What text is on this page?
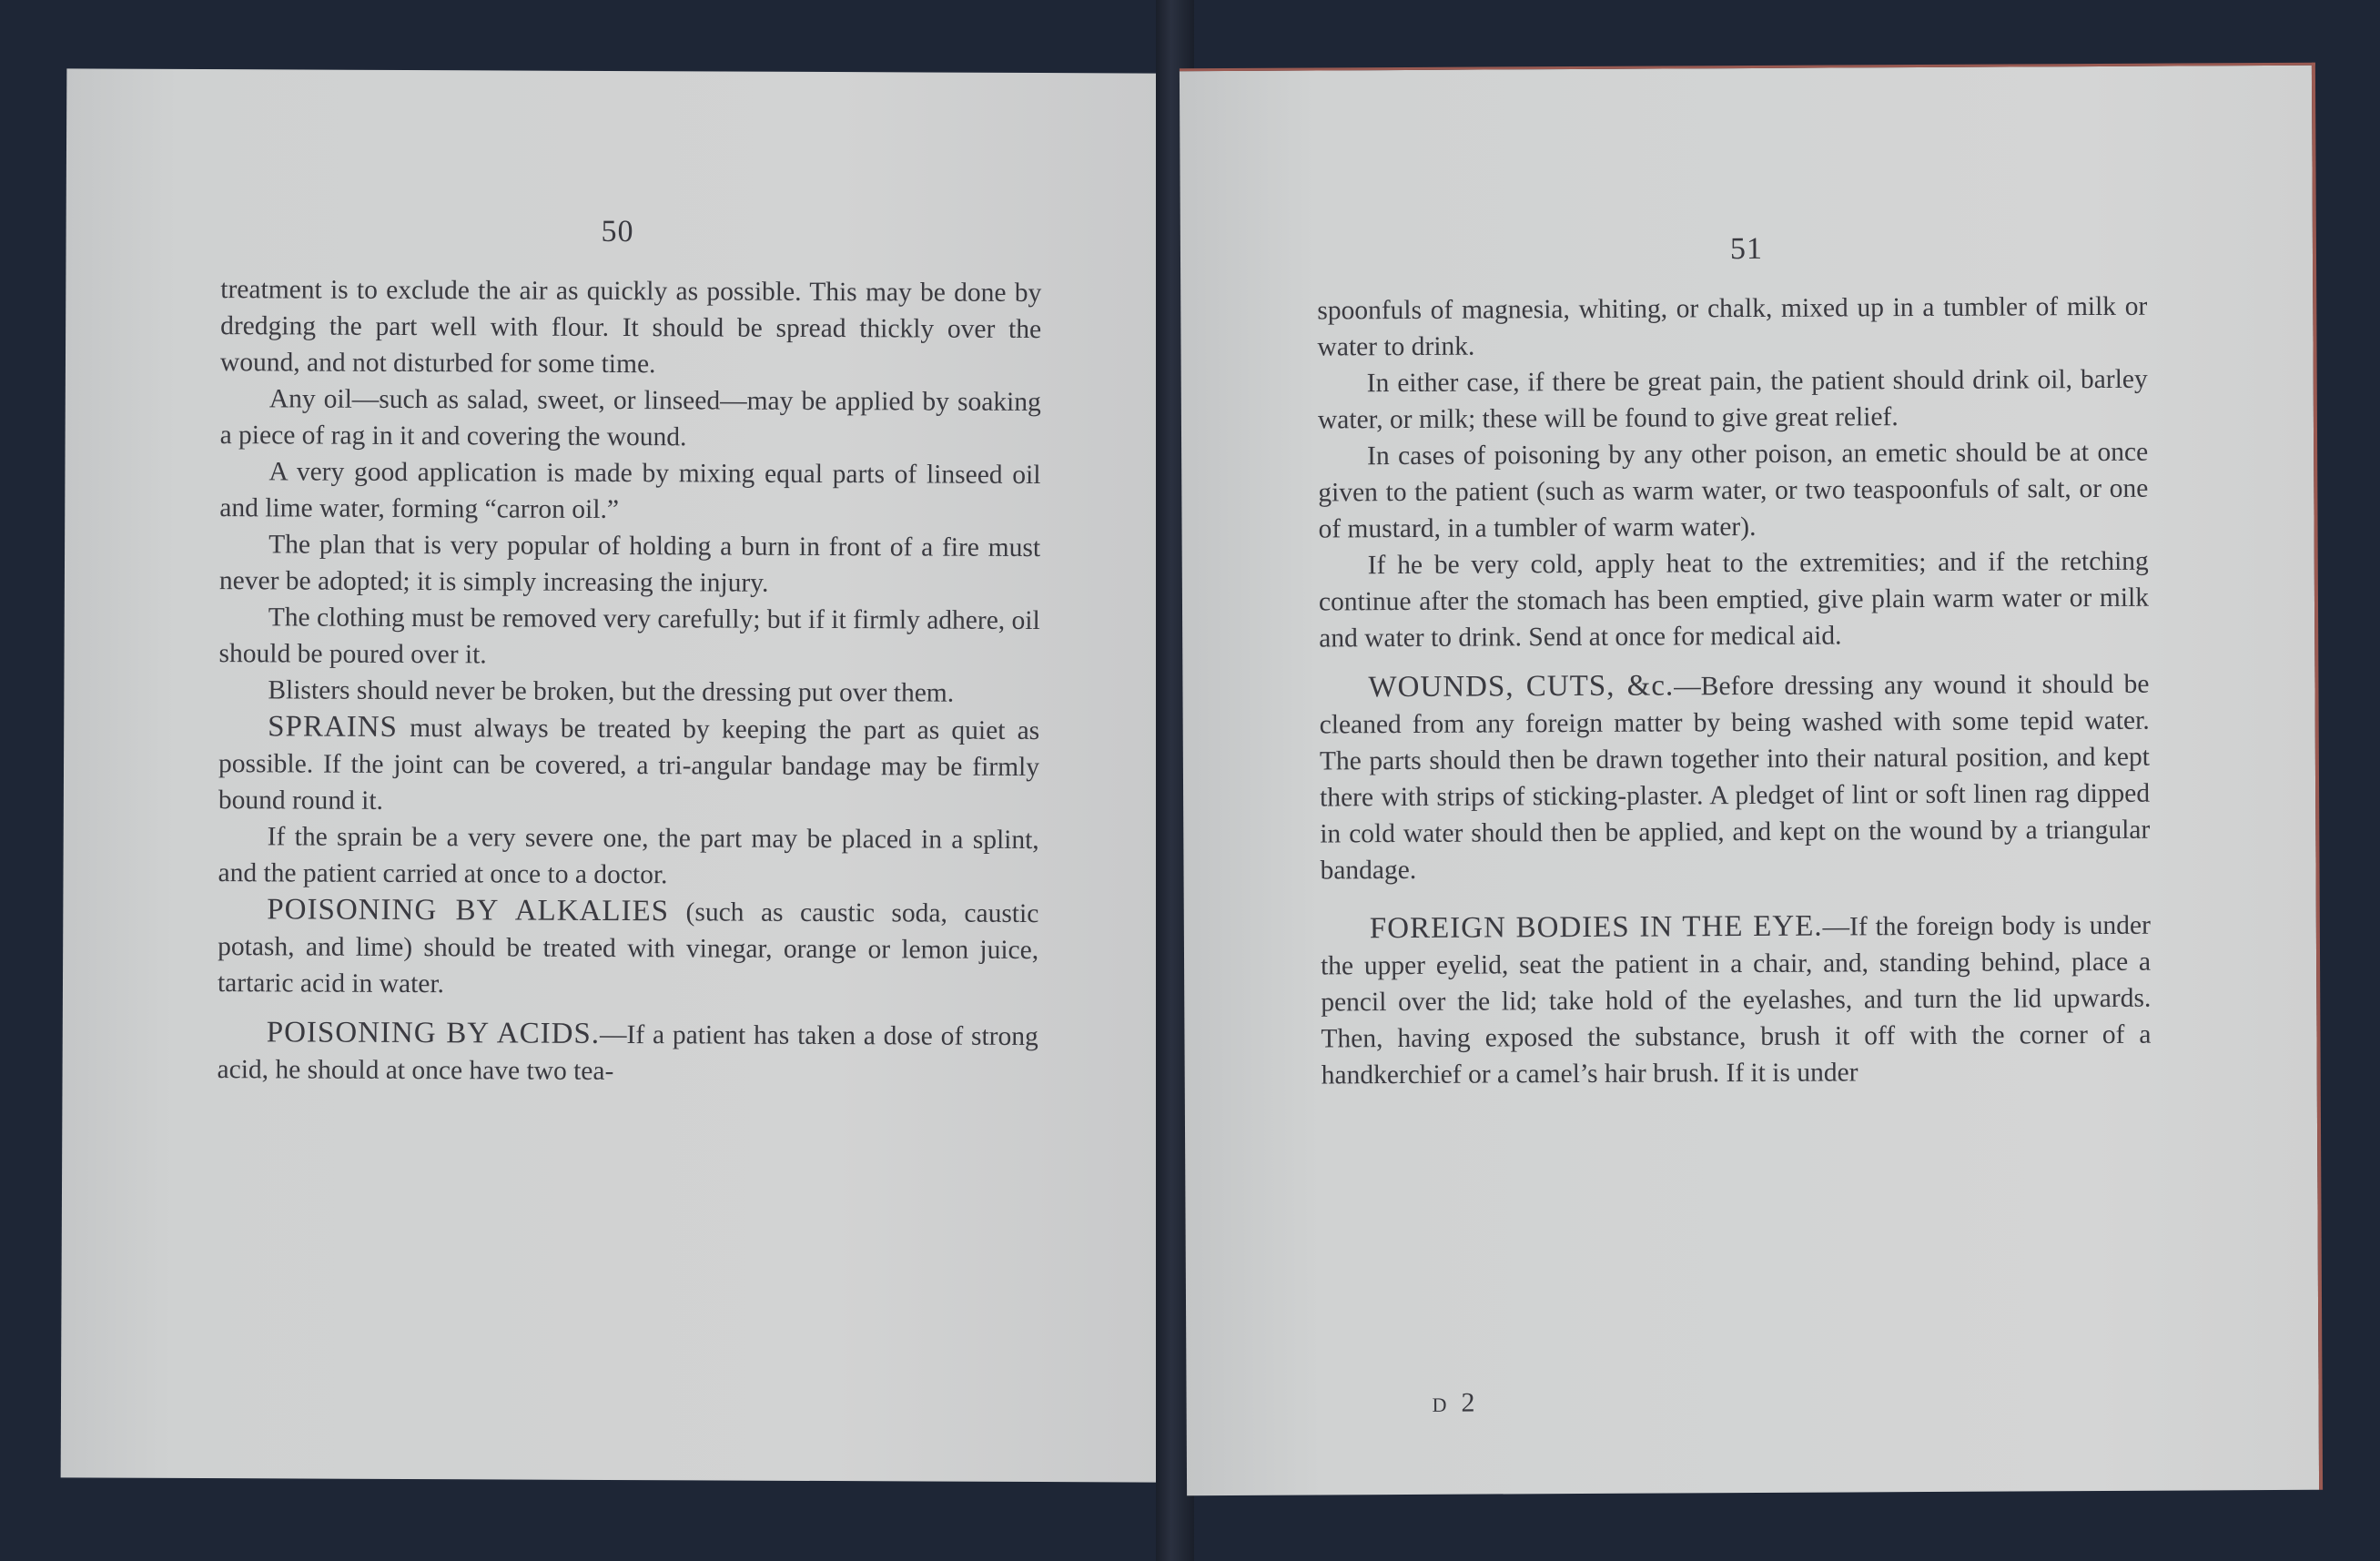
50

treatment is to exclude the air as quickly as possible. This may be done by dredging the part well with flour. It should be spread thickly over the wound, and not disturbed for some time.

Any oil—such as salad, sweet, or linseed—may be applied by soaking a piece of rag in it and covering the wound.

A very good application is made by mixing equal parts of linseed oil and lime water, forming “carron oil.”

The plan that is very popular of holding a burn in front of a fire must never be adopted; it is simply increasing the injury.

The clothing must be removed very carefully; but if it firmly adhere, oil should be poured over it.

Blisters should never be broken, but the dressing put over them.

SPRAINS must always be treated by keeping the part as quiet as possible. If the joint can be covered, a tri-angular bandage may be firmly bound round it.

If the sprain be a very severe one, the part may be placed in a splint, and the patient carried at once to a doctor.

POISONING BY ALKALIES (such as caustic soda, caustic potash, and lime) should be treated with vinegar, orange or lemon juice, tartaric acid in water.

POISONING BY ACIDS.—If a patient has taken a dose of strong acid, he should at once have two tea-

51

spoonfuls of magnesia, whiting, or chalk, mixed up in a tumbler of milk or water to drink.

In either case, if there be great pain, the patient should drink oil, barley water, or milk; these will be found to give great relief.

In cases of poisoning by any other poison, an emetic should be at once given to the patient (such as warm water, or two teaspoonfuls of salt, or one of mustard, in a tumbler of warm water).

If he be very cold, apply heat to the extremities; and if the retching continue after the stomach has been emptied, give plain warm water or milk and water to drink. Send at once for medical aid.

WOUNDS, CUTS, &c.—Before dressing any wound it should be cleaned from any foreign matter by being washed with some tepid water. The parts should then be drawn together into their natural position, and kept there with strips of sticking-plaster. A pledget of lint or soft linen rag dipped in cold water should then be applied, and kept on the wound by a triangular bandage.

FOREIGN BODIES IN THE EYE.—If the foreign body is under the upper eyelid, seat the patient in a chair, and, standing behind, place a pencil over the lid; take hold of the eyelashes, and turn the lid upwards. Then, having exposed the substance, brush it off with the corner of a handkerchief or a camel’s hair brush. If it is under

D 2
